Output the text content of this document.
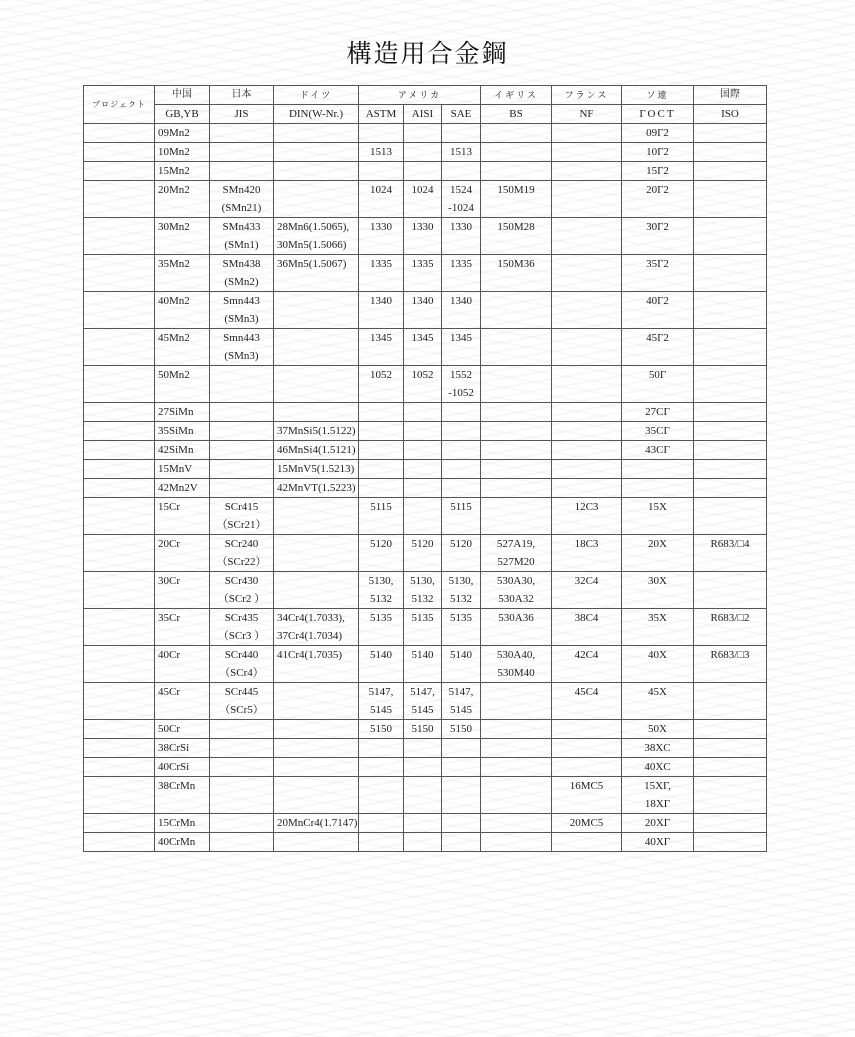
構造用合金鋼
プロジェクト	中国	日本	ドイツ	アメリカ			イギリス	フランス	ソ連	国際
	GB,YB	JIS	DIN(W-Nr.)	ASTM	AISI	SAE	BS	NF	ГОСТ	ISO
	09Mn2								09Г2	
	10Mn2			1513		1513			10Г2	
	15Mn2								15Г2	
	20Mn2	SMn420		1024	1024	1524	150M19		20Г2	
		(SMn21)				-1024				
	30Mn2	SMn433	28Mn6(1.5065),	1330	1330	1330	150M28		30Г2	
		(SMn1)	30Mn5(1.5066)							
	35Mn2	SMn438	36Mn5(1.5067)	1335	1335	1335	150M36		35Г2	
		(SMn2)								
	40Mn2	Smn443		1340	1340	1340			40Г2	
		(SMn3)								
	45Mn2	Smn443		1345	1345	1345			45Г2	
		(SMn3)								
	50Mn2			1052	1052	1552			50Г	
						-1052				
	27SiMn								27СГ	
	35SiMn		37MnSi5(1.5122)						35СГ	
	42SiMn		46MnSi4(1.5121)						43СГ	
	15MnV		15MnV5(1.5213)							
	42Mn2V		42MnVT(1.5223)							
	15Cr	SCr415		5115		5115		12C3	15X	
		（SCr21）								
	20Cr	SCr240		5120	5120	5120	527A19,	18C3	20X	R683/□4
		（SCr22）					527M20			
	30Cr	SCr430		5130,	5130,	5130,	530A30,	32C4	30X	
		（SCr2 ）		5132	5132	5132	530A32			
	35Cr	SCr435	34Cr4(1.7033),	5135	5135	5135	530A36	38C4	35X	R683/□2
		（SCr3 ）	37Cr4(1.7034)							
	40Cr	SCr440	41Cr4(1.7035)	5140	5140	5140	530A40,	42C4	40X	R683/□3
		（SCr4）					530M40			
	45Cr	SCr445		5147,	5147,	5147,		45C4	45X	
		（SCr5）		5145	5145	5145				
	50Cr			5150	5150	5150			50X	
	38CrSi								38XC	
	40CrSi								40XC	
	38CrMn							16MC5	15XГ,	
									18XГ	
	15CrMn		20MnCr4(1.7147)					20MC5	20XГ	
	40CrMn								40XГ	
